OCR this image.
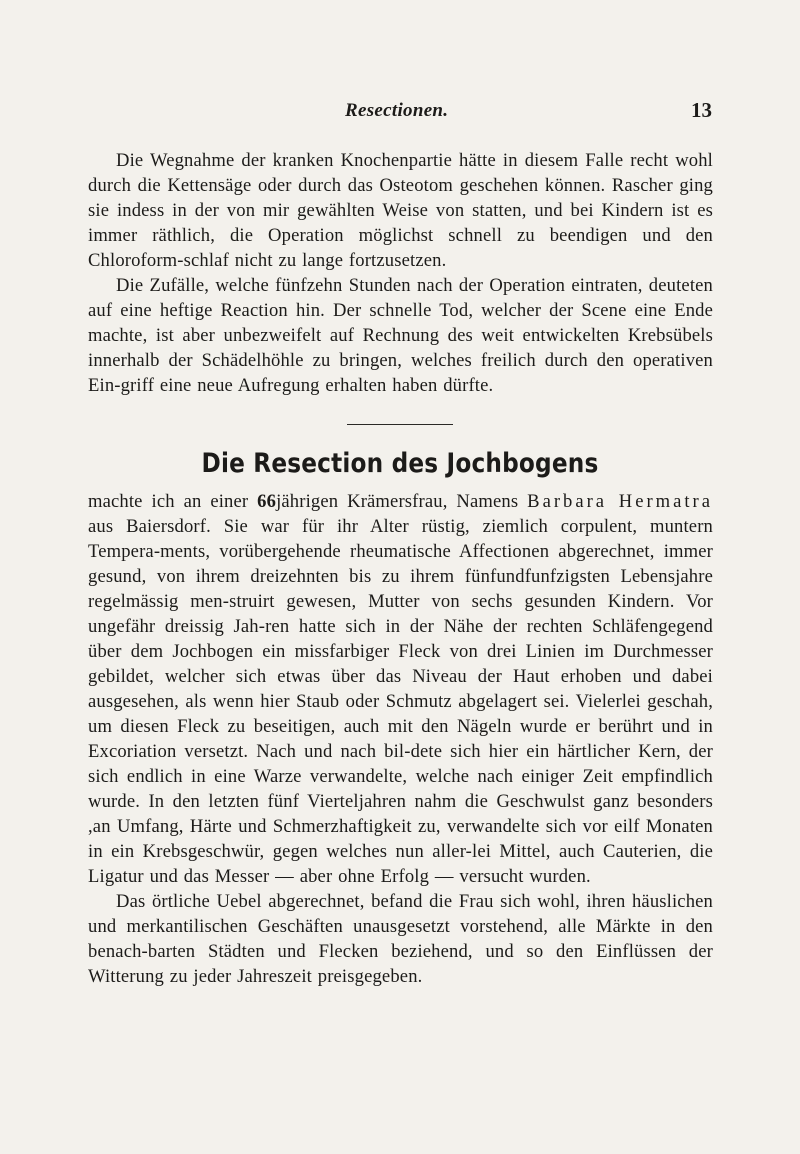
Resectionen.	13

Die Wegnahme der kranken Knochenpartie hätte in diesem Falle recht wohl durch die Kettensäge oder durch das Osteotom geschehen können. Rascher ging sie indess in der von mir gewählten Weise von statten, und bei Kindern ist es immer räthlich, die Operation möglichst schnell zu beendigen und den Chloroform-schlaf nicht zu lange fortzusetzen.

Die Zufälle, welche fünfzehn Stunden nach der Operation eintraten, deuteten auf eine heftige Reaction hin. Der schnelle Tod, welcher der Scene eine Ende machte, ist aber unbezweifelt auf Rechnung des weit entwickelten Krebsübels innerhalb der Schädelhöhle zu bringen, welches freilich durch den operativen Ein-griff eine neue Aufregung erhalten haben dürfte.

Die Resection des Jochbogens

machte ich an einer 66jährigen Krämersfrau, Namens Barbara Hermatra aus Baiersdorf. Sie war für ihr Alter rüstig, ziemlich corpulent, muntern Tempera-ments, vorübergehende rheumatische Affectionen abgerechnet, immer gesund, von ihrem dreizehnten bis zu ihrem fünfundfunfzigsten Lebensjahre regelmässig men-struirt gewesen, Mutter von sechs gesunden Kindern. Vor ungefähr dreissig Jah-ren hatte sich in der Nähe der rechten Schläfengegend über dem Jochbogen ein missfarbiger Fleck von drei Linien im Durchmesser gebildet, welcher sich etwas über das Niveau der Haut erhoben und dabei ausgesehen, als wenn hier Staub oder Schmutz abgelagert sei. Vielerlei geschah, um diesen Fleck zu beseitigen, auch mit den Nägeln wurde er berührt und in Excoriation versetzt. Nach und nach bil-dete sich hier ein härtlicher Kern, der sich endlich in eine Warze verwandelte, welche nach einiger Zeit empfindlich wurde. In den letzten fünf Vierteljahren nahm die Geschwulst ganz besonders ,an Umfang, Härte und Schmerzhaftigkeit zu, verwandelte sich vor eilf Monaten in ein Krebsgeschwür, gegen welches nun aller-lei Mittel, auch Cauterien, die Ligatur und das Messer — aber ohne Erfolg — versucht wurden.

Das örtliche Uebel abgerechnet, befand die Frau sich wohl, ihren häuslichen und merkantilischen Geschäften unausgesetzt vorstehend, alle Märkte in den benach-barten Städten und Flecken beziehend, und so den Einflüssen der Witterung zu jeder Jahreszeit preisgegeben.
